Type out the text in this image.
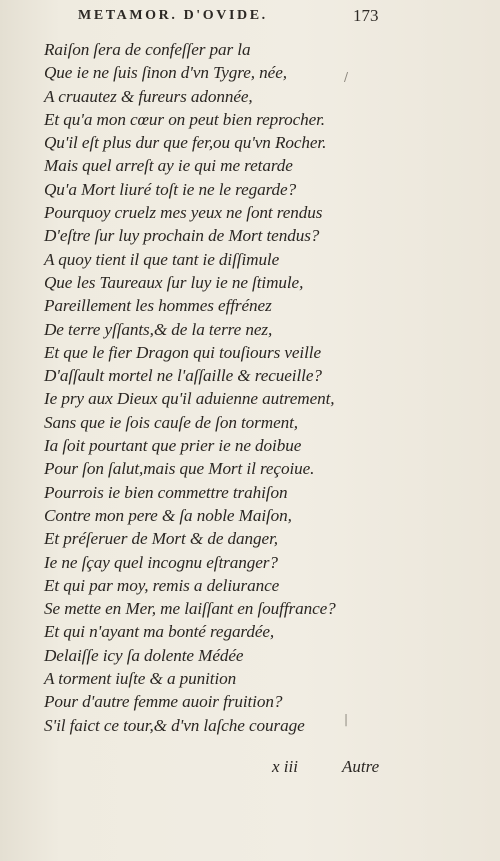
METAMOR. D'OVIDE.	173
Raiſon ſera de confeſſer par la
Que ie ne ſuis ſinon d'vn Tygre, née,
A cruautez & fureurs adonnée,
Et qu'a mon cœur on peut bien reprocher.
Qu'il eſt plus dur que fer,ou qu'vn Rocher.
Mais quel arreſt ay ie qui me retarde
Qu'a Mort liuré toſt ie ne le regarde?
Pourquoy cruelz mes yeux ne ſont rendus
D'eſtre ſur luy prochain de Mort tendus?
A quoy tient il que tant ie diſſimule
Que les Taureaux ſur luy ie ne ſtimule,
Pareillement les hommes effrénez
De terre yſſants,& de la terre nez,
Et que le fier Dragon qui touſiours veille
D'aſſault mortel ne l'aſſaille & recueille?
Ie pry aux Dieux qu'il aduienne autrement,
Sans que ie ſois cauſe de ſon torment,
Ia ſoit pourtant que prier ie ne doibue
Pour ſon ſalut,mais que Mort il reçoiue.
Pourrois ie bien commettre trahiſon
Contre mon pere & ſa noble Maiſon,
Et préſeruer de Mort & de danger,
Ie ne ſçay quel incognu eſtranger?
Et qui par moy, remis a deliurance
Se mette en Mer, me laiſſant en ſouffrance?
Et qui n'ayant ma bonté regardée,
Delaiſſe icy ſa dolente Médée
A torment iuſte & a punition
Pour d'autre femme auoir fruition?
S'il faict ce tour,& d'vn laſche courage
x iii	Autre
/
|
